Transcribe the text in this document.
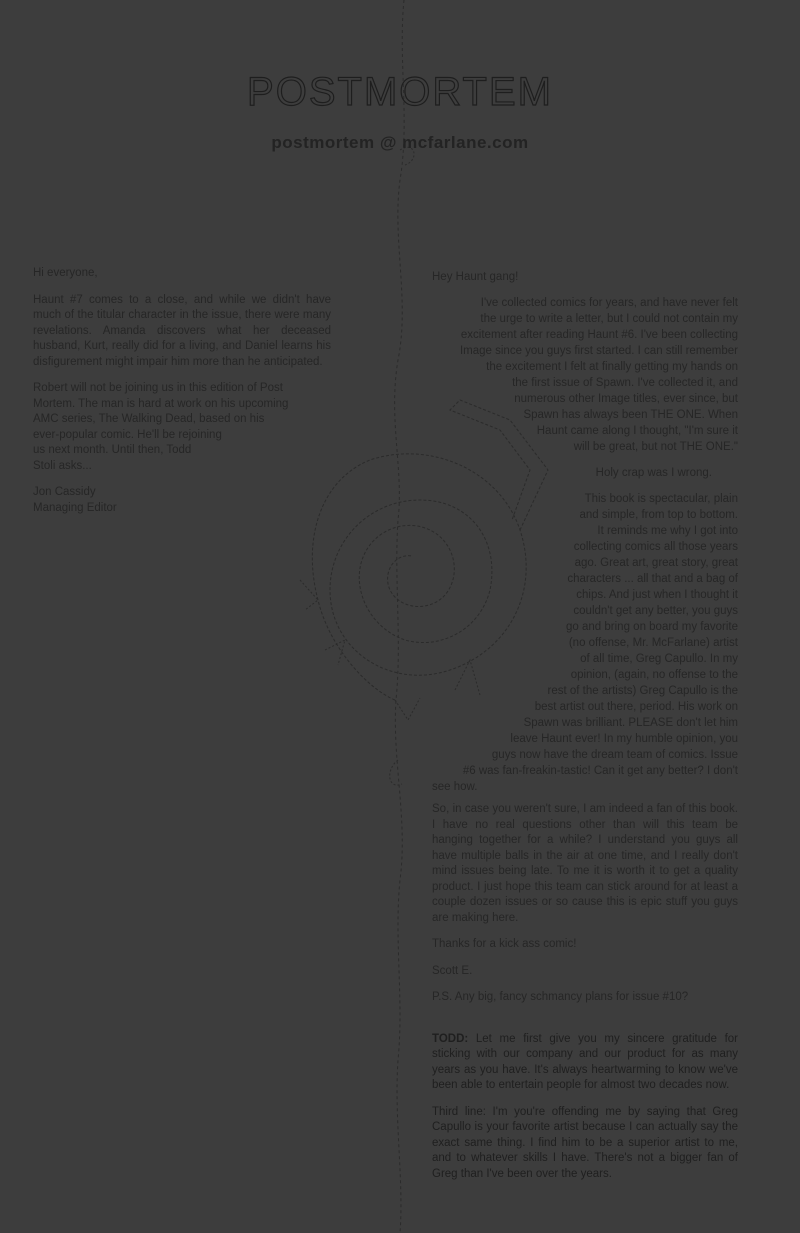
POSTMORTEM
postmortem @ mcfarlane.com

Hi everyone,

Haunt #7 comes to a close, and while we didn't have much of the titular character in the issue, there were many revelations. Amanda discovers what her deceased husband, Kurt, really did for a living, and Daniel learns his disfigurement might impair him more than he anticipated.

Robert will not be joining us in this edition of Post
Mortem. The man is hard at work on his upcoming
AMC series, The Walking Dead, based on his
ever-popular comic. He'll be rejoining
us next month. Until then, Todd
Stoli asks...

Jon Cassidy
Managing Editor

Hey Haunt gang!
I've collected comics for years, and have never felt
the urge to write a letter, but I could not contain my
excitement after reading Haunt #6. I've been collecting
Image since you guys first started. I can still remember
the excitement I felt at finally getting my hands on
the first issue of Spawn. I've collected it, and
numerous other Image titles, ever since, but
Spawn has always been THE ONE. When
Haunt came along I thought, "I'm sure it
will be great, but not THE ONE."
Holy crap was I wrong.
This book is spectacular, plain
and simple, from top to bottom.
It reminds me why I got into
collecting comics all those years
ago. Great art, great story, great
characters ... all that and a bag of
chips. And just when I thought it
couldn't get any better, you guys
go and bring on board my favorite
(no offense, Mr. McFarlane) artist
of all time, Greg Capullo. In my
opinion, (again, no offense to the
rest of the artists) Greg Capullo is the
best artist out there, period. His work on
Spawn was brilliant. PLEASE don't let him
leave Haunt ever! In my humble opinion, you
guys now have the dream team of comics. Issue
#6 was fan-freakin-tastic! Can it get any better? I don't
see how.

So, in case you weren't sure, I am indeed a fan of this book. I have no real questions other than will this team be hanging together for a while? I understand you guys all have multiple balls in the air at one time, and I really don't mind issues being late. To me it is worth it to get a quality product. I just hope this team can stick around for at least a couple dozen issues or so cause this is epic stuff you guys are making here.

Thanks for a kick ass comic!

Scott E.

P.S. Any big, fancy schmancy plans for issue #10?

TODD: Let me first give you my sincere gratitude for sticking with our company and our product for as many years as you have. It's always heartwarming to know we've been able to entertain people for almost two decades now.

Third line: I'm you're offending me by saying that Greg Capullo is your favorite artist because I can actually say the exact same thing. I find him to be a superior artist to me, and to whatever skills I have. There's not a bigger fan of Greg than I've been over the years.
